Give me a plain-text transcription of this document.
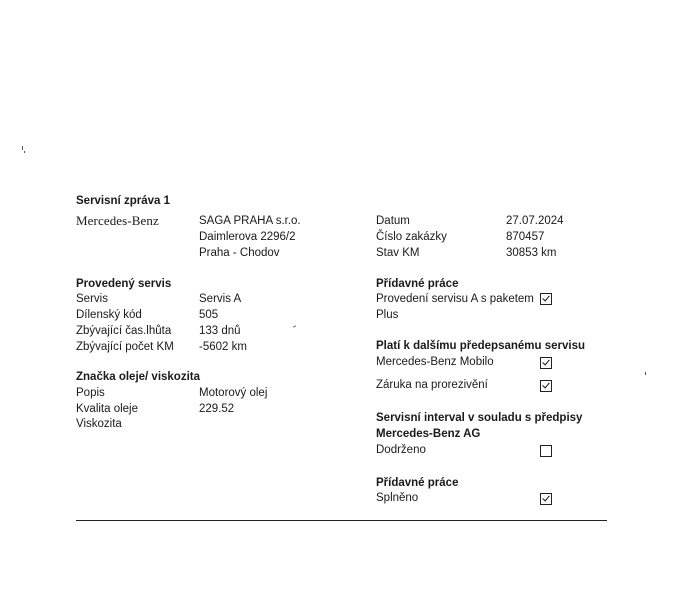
Servisní zpráva 1
Mercedes-Benz	SAGA PRAHA s.r.o.
Daimlerova 2296/2
Praha - Chodov
Datum	27.07.2024
Číslo zakázky	870457
Stav KM	30853 km
Provedený servis
Servis	Servis A
Dílenský kód	505
Zbývající čas.lhůta 133 dnů
Zbývající počet KM -5602 km
Značka oleje/ viskozita
Popis	Motorový olej
Kvalita oleje	229.52
Viskozita
Přídavné práce
Provedení servisu A s paketem
Plus
Platí k dalšímu předepsanému servisu
Mercedes-Benz Mobilo
Záruka na prorezivění
Servisní interval v souladu s předpisy
Mercedes-Benz AG
Dodrženo
Přídavné práce
Splněno
